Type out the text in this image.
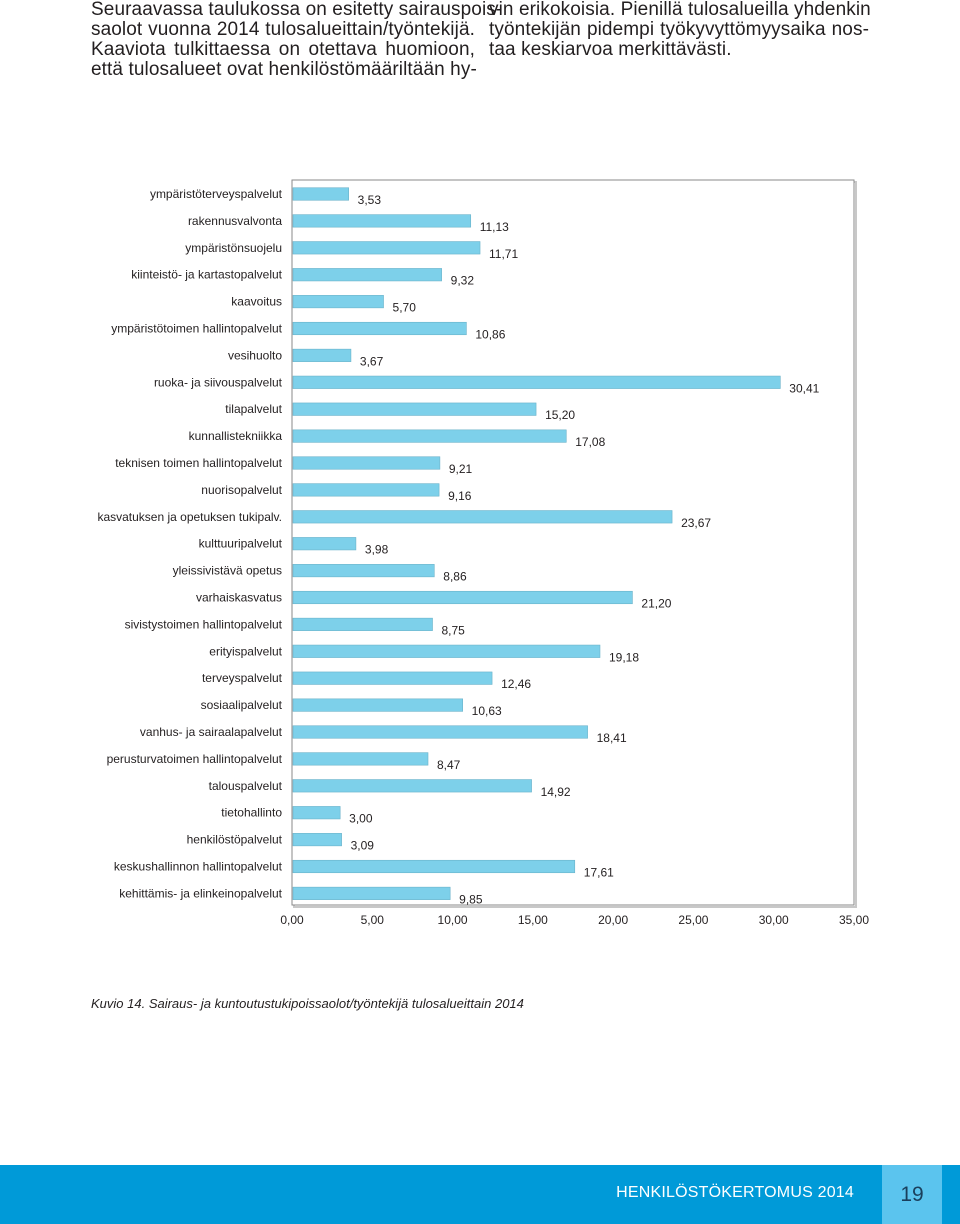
Seuraavassa taulukossa on esitetty sairauspois-
saolot vuonna 2014 tulosalueittain/työntekijä.
Kaaviota tulkittaessa on otettava huomioon,
että tulosalueet ovat henkilöstömääriltään hy-
vin erikokoisia. Pienillä tulosalueilla yhdenkin
työntekijän pidempi työkyvyttömyysaika nos-
taa keskiarvoa merkittävästi.
ympäristöterveyspalvelut	3,53
rakennusvalvonta	11,13
ympäristönsuojelu	11,71
kiinteistö- ja kartastopalvelut	9,32
kaavoitus	5,70
ympäristötoimen hallintopalvelut	10,86
vesihuolto	3,67
ruoka- ja siivouspalvelut	30,41
tilapalvelut	15,20
kunnallistekniikka	17,08
teknisen toimen hallintopalvelut	9,21
nuorisopalvelut	9,16
kasvatuksen ja opetuksen tukipalv.	23,67
kulttuuripalvelut	3,98
yleissivistävä opetus	8,86
varhaiskasvatus	21,20
sivistystoimen hallintopalvelut	8,75
erityispalvelut	19,18
terveyspalvelut	12,46
sosiaalipalvelut	10,63
vanhus- ja sairaalapalvelut	18,41
perusturvatoimen hallintopalvelut	8,47
talouspalvelut	14,92
tietohallinto	3,00
henkilöstöpalvelut	3,09
keskushallinnon hallintopalvelut	17,61
kehittämis- ja elinkeinopalvelut	9,85
0,00	5,00	10,00	15,00	20,00	25,00	30,00	35,00
Kuvio 14. Sairaus- ja kuntoutustukipoissaolot/työntekijä tulosalueittain 2014
HENKILÖSTÖKERTOMUS 2014	19
